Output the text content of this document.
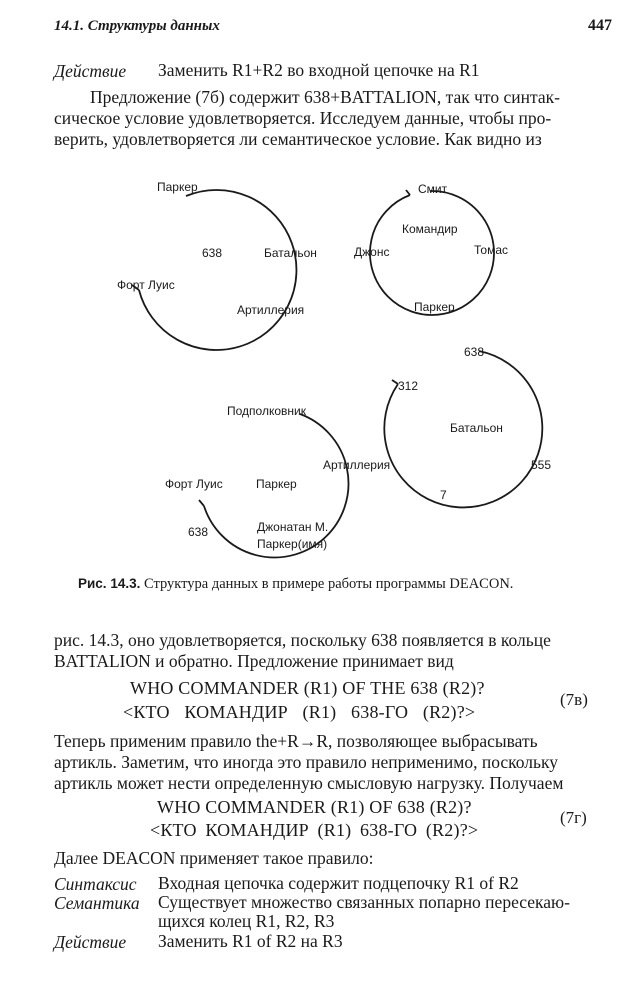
14.1. Структуры данных	447
Действие Заменить R1+R2 во входной цепочке на R1
Предложение (7б) содержит 638+BATTALION, так что синтак-
сическое условие удовлетворяется. Исследуем данные, чтобы про-
верить, удовлетворяется ли семантическое условие. Как видно из
Паркер
638	Батальон
Форт Луис
Артиллерия
Смит
Командир
Джонс	Томас
Паркер
638
312
Батальон
555
7
Подполковник
Артиллерия
Форт Луис	Паркер
638	Джонатан М.
Паркер(имя)
Рис. 14.3. Структура данных в примере работы программы DEACON.
рис. 14.3, оно удовлетворяется, поскольку 638 появляется в кольце
BATTALION и обратно. Предложение принимает вид
WHO COMMANDER (R1) OF THE 638 (R2)?
<КТО КОМАНДИР (R1) 638-ГО (R2)?>
(7в)
Теперь применим правило the+R→R, позволяющее выбрасывать
артикль. Заметим, что иногда это правило неприменимо, поскольку
артикль может нести определенную смысловую нагрузку. Получаем
WHO COMMANDER (R1) OF 638 (R2)?
<КТО КОМАНДИР (R1) 638-ГО (R2)?>
(7г)
Далее DEACON применяет такое правило:
Синтаксис Входная цепочка содержит подцепочку R1 of R2
Семантика Существует множество связанных попарно пересекаю-
щихся колец R1, R2, R3
Действие Заменить R1 of R2 на R3
